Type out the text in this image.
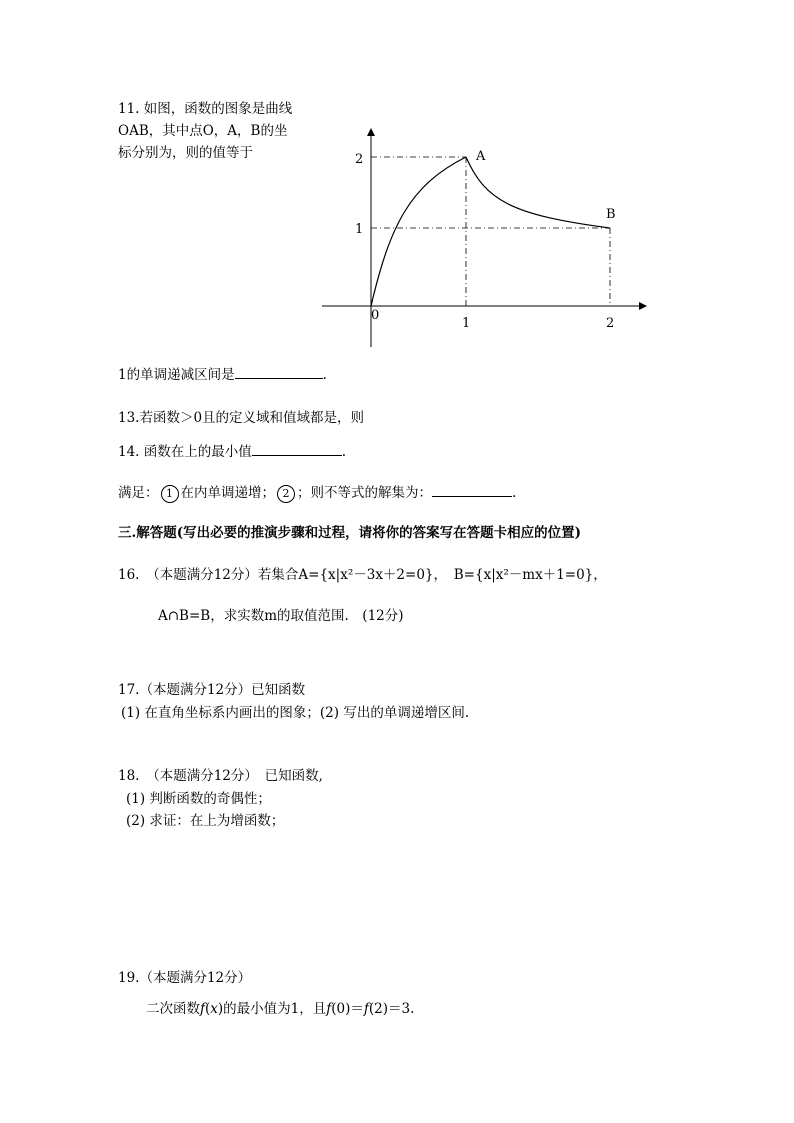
11. 如图，函数的图象是曲线OAB，其中点O，A，B的坐标分别为，则的值等于	2
1
0
1	2
A
B
1的单调递减区间是	.
13.若函数＞0且的定义域和值域都是，则
14. 函数在上的最小值	.
满足： 1 在内单调递增； 2 ；则不等式的解集为：	.
三.解答题(写出必要的推演步骤和过程，请将你的答案写在答题卡相应的位置)
16.　（本题满分12分）若集合A={x|x²－3x＋2=0}，　B={x|x²－mx＋1=0}，
A∩B=B，求实数m的取值范围.　(12分)
17.（本题满分12分）已知函数
(1) 在直角坐标系内画出的图象；(2) 写出的单调递增区间.
18.　（本题满分12分）　已知函数,
(1) 判断函数的奇偶性；
(2) 求证：在上为增函数；
19.（本题满分12分）
二次函数f(x)的最小值为1，且f(0)＝f(2)＝3.
